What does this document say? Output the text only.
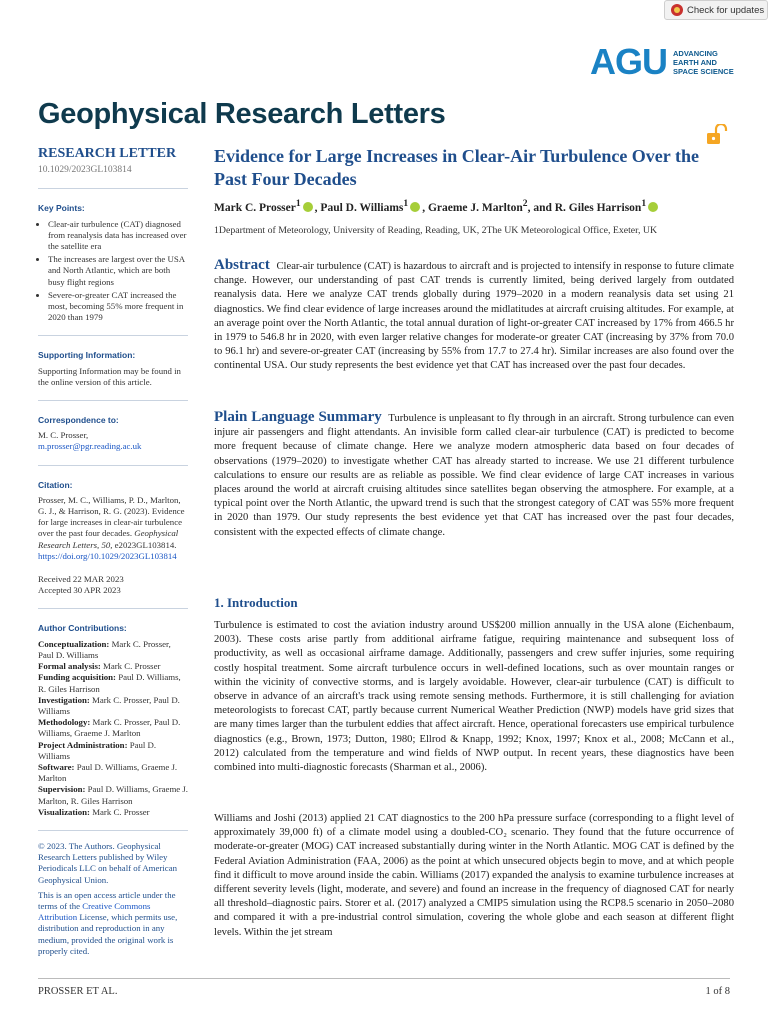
Check for updates
AGU ADVANCING
EARTH AND
SPACE SCIENCE
Geophysical Research Letters
RESEARCH LETTER
10.1029/2023GL103814
Key Points:
• Clear-air turbulence (CAT) diagnosed from reanalysis data has increased over the satellite era
• The increases are largest over the USA and North Atlantic, which are both busy flight regions
• Severe-or-greater CAT increased the most, becoming 55% more frequent in 2020 than 1979
Supporting Information:
Supporting Information may be found in the online version of this article.
Correspondence to:
M. C. Prosser,
m.prosser@pgr.reading.ac.uk
Citation:
Prosser, M. C., Williams, P. D., Marlton, G. J., & Harrison, R. G. (2023). Evidence for large increases in clear-air turbulence over the past four decades. Geophysical Research Letters, 50, e2023GL103814. https://doi.org/10.1029/2023GL103814
Received 22 MAR 2023
Accepted 30 APR 2023
Author Contributions:
Conceptualization: Mark C. Prosser, Paul D. Williams
Formal analysis: Mark C. Prosser
Funding acquisition: Paul D. Williams, R. Giles Harrison
Investigation: Mark C. Prosser, Paul D. Williams
Methodology: Mark C. Prosser, Paul D. Williams, Graeme J. Marlton
Project Administration: Paul D. Williams
Software: Paul D. Williams, Graeme J. Marlton
Supervision: Paul D. Williams, Graeme J. Marlton, R. Giles Harrison
Visualization: Mark C. Prosser
© 2023. The Authors. Geophysical Research Letters published by Wiley Periodicals LLC on behalf of American Geophysical Union.
This is an open access article under the terms of the Creative Commons Attribution License, which permits use, distribution and reproduction in any medium, provided the original work is properly cited.
Evidence for Large Increases in Clear-Air Turbulence Over the Past Four Decades
Mark C. Prosser$^1$ , Paul D. Williams$^1$ , Graeme J. Marlton$^2$, and R. Giles Harrison$^1$
1Department of Meteorology, University of Reading, Reading, UK, 2The UK Meteorological Office, Exeter, UK
Abstract Clear-air turbulence (CAT) is hazardous to aircraft and is projected to intensify in response to future climate change. However, our understanding of past CAT trends is currently limited, being derived largely from outdated reanalysis data. Here we analyze CAT trends globally during 1979–2020 in a modern reanalysis data set using 21 diagnostics. We find clear evidence of large increases around the midlatitudes at aircraft cruising altitudes. For example, at an average point over the North Atlantic, the total annual duration of light-or-greater CAT increased by 17% from 466.5 hr in 1979 to 546.8 hr in 2020, with even larger relative changes for moderate-or greater CAT (increasing by 37% from 70.0 to 96.1 hr) and severe-or-greater CAT (increasing by 55% from 17.7 to 27.4 hr). Similar increases are also found over the continental USA. Our study represents the best evidence yet that CAT has increased over the past four decades.
Plain Language Summary Turbulence is unpleasant to fly through in an aircraft. Strong turbulence can even injure air passengers and flight attendants. An invisible form called clear-air turbulence (CAT) is predicted to become more frequent because of climate change. Here we analyze modern atmospheric data based on four decades of observations (1979–2020) to investigate whether CAT has already started to increase. We use 21 different turbulence calculations to ensure our results are as reliable as possible. We find clear evidence of large CAT increases in various places around the world at aircraft cruising altitudes since satellites began observing the atmosphere. For example, at a typical point over the North Atlantic, the upward trend is such that the strongest category of CAT was 55% more frequent in 2020 than 1979. Our study represents the best evidence yet that CAT has increased over the past four decades, consistent with the expected effects of climate change.
1. Introduction
Turbulence is estimated to cost the aviation industry around US$200 million annually in the USA alone (Eichenbaum, 2003). These costs arise partly from additional airframe fatigue, requiring maintenance and subsequent loss of productivity, as well as occasional airframe damage. Additionally, passengers and crew suffer injuries, some requiring costly hospital treatment. Some aircraft turbulence occurs in well-defined locations, such as over mountain ranges or within the vicinity of convective storms, and is largely avoidable. However, clear-air turbulence (CAT) is difficult to observe in advance of an aircraft's track using remote sensing methods. Furthermore, it is still challenging for aviation meteorologists to forecast CAT, partly because current Numerical Weather Prediction (NWP) models have grid sizes that are many times larger than the turbulent eddies that affect aircraft. Hence, operational forecasters use empirical turbulence diagnostics (e.g., Brown, 1973; Dutton, 1980; Ellrod & Knapp, 1992; Knox, 1997; Knox et al., 2008; McCann et al., 2012) calculated from the temperature and wind fields of NWP output. In recent years, these diagnostics have been combined into multi-diagnostic forecasts (Sharman et al., 2006).
Williams and Joshi (2013) applied 21 CAT diagnostics to the 200 hPa pressure surface (corresponding to a flight level of approximately 39,000 ft) of a climate model using a doubled-CO₂ scenario. They found that the future occurrence of moderate-or-greater (MOG) CAT increased substantially during winter in the North Atlantic. MOG CAT is defined by the Federal Aviation Administration (FAA, 2006) as the point at which unsecured objects begin to move, and at which people find it difficult to move around inside the cabin. Williams (2017) expanded the analysis to examine turbulence increases at different severity levels (light, moderate, and severe) and found an increase in the frequency of diagnosed CAT for nearly all threshold–diagnostic pairs. Storer et al. (2017) analyzed a CMIP5 simulation using the RCP8.5 scenario in 2050–2080 and compared it with a pre-industrial control simulation, covering the whole globe and each season at different flight levels. Within the jet stream
PROSSER ET AL.	1 of 8
